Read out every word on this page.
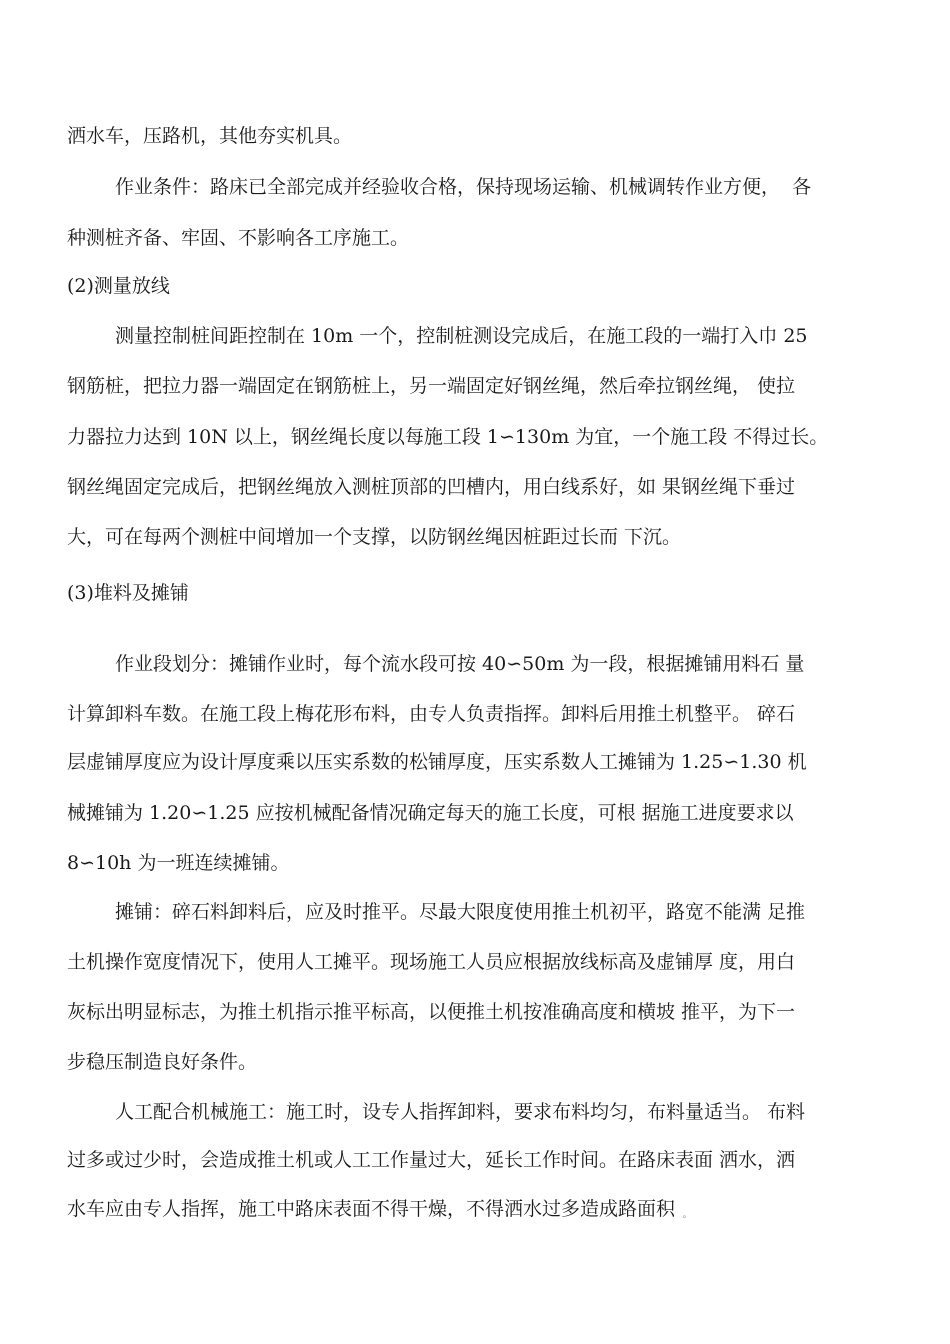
洒水车，压路机，其他夯实机具。
作业条件：路床已全部完成并经验收合格，保持现场运输、机械调转作业方便，  各
种测桩齐备、牢固、不影响各工序施工。
(2)测量放线
测量控制桩间距控制在 10m 一个，控制桩测设完成后，在施工段的一端打入巾 25
钢筋桩，把拉力器一端固定在钢筋桩上，另一端固定好钢丝绳，然后牵拉钢丝绳， 使拉
力器拉力达到 10N 以上，钢丝绳长度以每施工段 1∽130m 为宜，一个施工段 不得过长。
钢丝绳固定完成后，把钢丝绳放入测桩顶部的凹槽内，用白线系好，如 果钢丝绳下垂过
大，可在每两个测桩中间增加一个支撑，以防钢丝绳因桩距过长而 下沉。
(3)堆料及摊铺
作业段划分：摊铺作业时，每个流水段可按 40∽50m 为一段，根据摊铺用料石 量
计算卸料车数。在施工段上梅花形布料，由专人负责指挥。卸料后用推土机整平。 碎石
层虚铺厚度应为设计厚度乘以压实系数的松铺厚度，压实系数人工摊铺为 1.25∽1.30 机
械摊铺为 1.20∽1.25 应按机械配备情况确定每天的施工长度，可根 据施工进度要求以
8∽10h 为一班连续摊铺。
摊铺：碎石料卸料后，应及时推平。尽最大限度使用推土机初平，路宽不能满 足推
土机操作宽度情况下，使用人工摊平。现场施工人员应根据放线标高及虚铺厚 度，用白
灰标出明显标志，为推土机指示推平标高，以便推土机按准确高度和横坡 推平，为下一
步稳压制造良好条件。
人工配合机械施工：施工时，设专人指挥卸料，要求布料均匀，布料量适当。 布料
过多或过少时，会造成推土机或人工工作量过大，延长工作时间。在路床表面 洒水，洒
水车应由专人指挥，施工中路床表面不得干燥，不得洒水过多造成路面积 。
